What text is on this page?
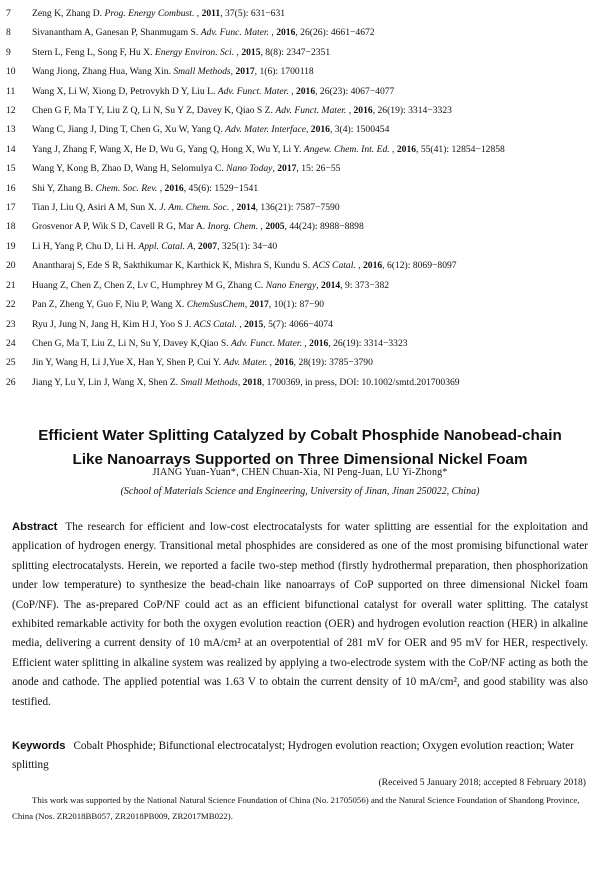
7	Zeng K, Zhang D. Prog. Energy Combust. , 2011, 37(5): 631−631
8	Sivanantham A, Ganesan P, Shanmugam S. Adv. Func. Mater. , 2016, 26(26): 4661−4672
9	Stern L, Feng L, Song F, Hu X. Energy Environ. Sci. , 2015, 8(8): 2347−2351
10	Wang Jiong, Zhang Hua, Wang Xin. Small Methods, 2017, 1(6): 1700118
11	Wang X, Li W, Xiong D, Petrovykh D Y, Liu L. Adv. Funct. Mater. , 2016, 26(23): 4067−4077
12	Chen G F, Ma T Y, Liu Z Q, Li N, Su Y Z, Davey K, Qiao S Z. Adv. Funct. Mater. , 2016, 26(19): 3314−3323
13	Wang C, Jiang J, Ding T, Chen G, Xu W, Yang Q. Adv. Mater. Interface, 2016, 3(4): 1500454
14	Yang J, Zhang F, Wang X, He D, Wu G, Yang Q, Hong X, Wu Y, Li Y. Angew. Chem. Int. Ed. , 2016, 55(41): 12854−12858
15	Wang Y, Kong B, Zhao D, Wang H, Selomulya C. Nano Today, 2017, 15: 26−55
16	Shi Y, Zhang B. Chem. Soc. Rev. , 2016, 45(6): 1529−1541
17	Tian J, Liu Q, Asiri A M, Sun X. J. Am. Chem. Soc. , 2014, 136(21): 7587−7590
18	Grosvenor A P, Wik S D, Cavell R G, Mar A. Inorg. Chem. , 2005, 44(24): 8988−8898
19	Li H, Yang P, Chu D, Li H. Appl. Catal. A, 2007, 325(1): 34−40
20	Anantharaj S, Ede S R, Sakthikumar K, Karthick K, Mishra S, Kundu S. ACS Catal. , 2016, 6(12): 8069−8097
21	Huang Z, Chen Z, Chen Z, Lv C, Humphrey M G, Zhang C. Nano Energy, 2014, 9: 373−382
22	Pan Z, Zheng Y, Guo F, Niu P, Wang X. ChemSusChem, 2017, 10(1): 87−90
23	Ryu J, Jung N, Jang H, Kim H J, Yoo S J. ACS Catal. , 2015, 5(7): 4066−4074
24	Chen G, Ma T, Liu Z, Li N, Su Y, Davey K,Qiao S. Adv. Funct. Mater. , 2016, 26(19): 3314−3323
25	Jin Y, Wang H, Li J,Yue X, Han Y, Shen P, Cui Y. Adv. Mater. , 2016, 28(19): 3785−3790
26	Jiang Y, Lu Y, Lin J, Wang X, Shen Z. Small Methods, 2018, 1700369, in press, DOI: 10.1002/smtd.201700369
Efficient Water Splitting Catalyzed by Cobalt Phosphide Nanobead-chain
Like Nanoarrays Supported on Three Dimensional Nickel Foam
JIANG Yuan-Yuan*, CHEN Chuan-Xia, NI Peng-Juan, LU Yi-Zhong*
(School of Materials Science and Engineering, University of Jinan, Jinan 250022, China)
Abstract The research for efficient and low-cost electrocatalysts for water splitting are essential for the exploitation and application of hydrogen energy. Transitional metal phosphides are considered as one of the most promising bifunctional water splitting electrocatalysts. Herein, we reported a facile two-step method (firstly hydrothermal preparation, then phosphorization under low temperature) to synthesize the bead-chain like nanoarrays of CoP supported on three dimensional Nickel foam (CoP/NF). The as-prepared CoP/NF could act as an efficient bifunctional catalyst for overall water splitting. The catalyst exhibited remarkable activity for both the oxygen evolution reaction (OER) and hydrogen evolution reaction (HER) in alkaline media, delivering a current density of 10 mA/cm² at an overpotential of 281 mV for OER and 95 mV for HER, respectively. Efficient water splitting in alkaline system was realized by applying a two-electrode system with the CoP/NF acting as both the anode and cathode. The applied potential was 1.63 V to obtain the current density of 10 mA/cm², and good stability was also testified.
Keywords Cobalt Phosphide; Bifunctional electrocatalyst; Hydrogen evolution reaction; Oxygen evolution reaction; Water splitting
(Received 5 January 2018; accepted 8 February 2018)
This work was supported by the National Natural Science Foundation of China (No. 21705056) and the Natural Science Foundation of Shandong Province, China (Nos. ZR2018BB057, ZR2018PB009, ZR2017MB022).
